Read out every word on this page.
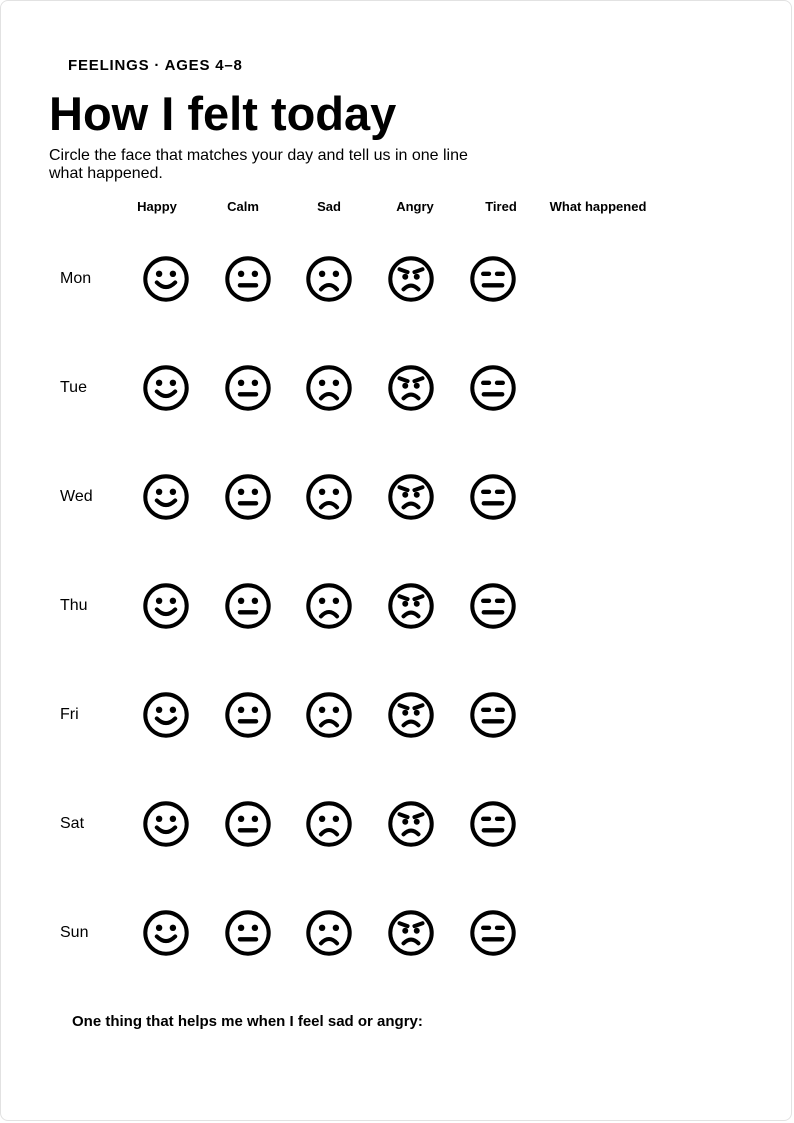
FEELINGS · AGES 4–8
How I felt today
Circle the face that matches your day and tell us in one line what happened.
Happy	Calm	Sad	Angry	Tired	What happened
Mon
Tue
Wed
Thu
Fri
Sat
Sun
One thing that helps me when I feel sad or angry:
